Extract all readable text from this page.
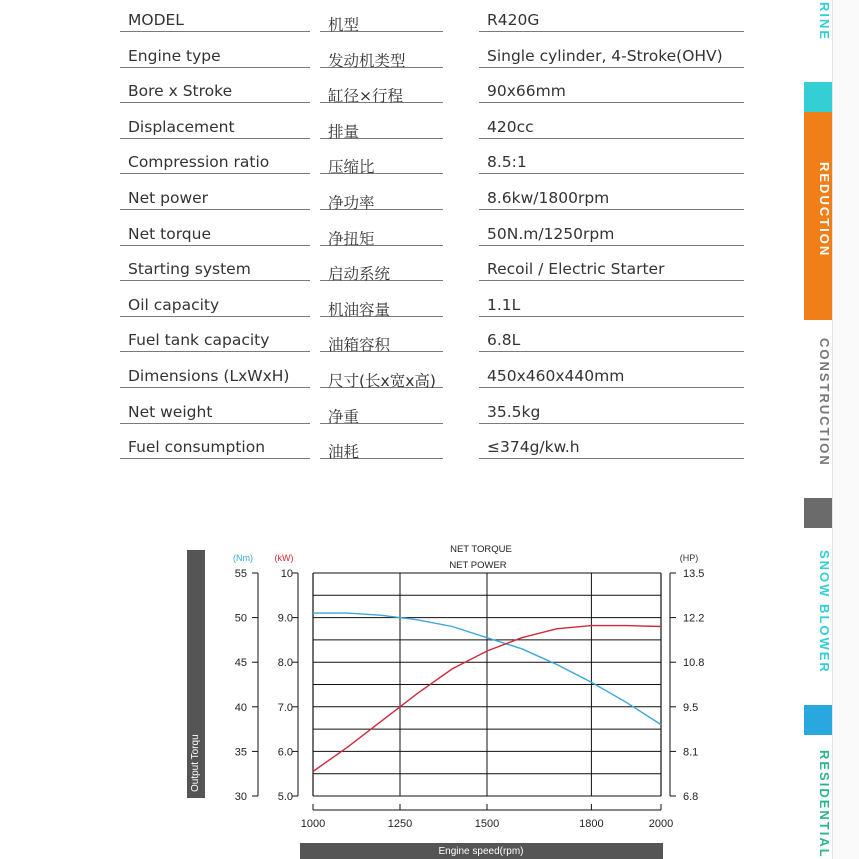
MODEL	机型	R420G
Engine type	发动机类型	Single cylinder, 4-Stroke(OHV)
Bore x Stroke	缸径×行程	90x66mm
Displacement	排量	420cc
Compression ratio	压缩比	8.5:1
Net power	净功率	8.6kw/1800rpm
Net torque	净扭矩	50N.m/1250rpm
Starting system	启动系统	Recoil / Electric Starter
Oil capacity	机油容量	1.1L
Fuel tank capacity	油箱容积	6.8L
Dimensions (LxWxH)	尺寸(长x宽x高)	450x460x440mm
Net weight	净重	35.5kg
Fuel consumption	油耗	≤374g/kw.h
RINE
REDUCTION
CONSTRUCTION
SNOW BLOWER
RESIDENTIAL
Output Torqu
Engine speed(rpm)
NET TORQUE
NET POWER
(Nm) (kW)	(HP)
1000	1250	1500	1800	2000
55
50
45
40
35
30
10
9.0
8.0
7.0
6.0
5.0
13.5
12.2
10.8
9.5
8.1
6.8
